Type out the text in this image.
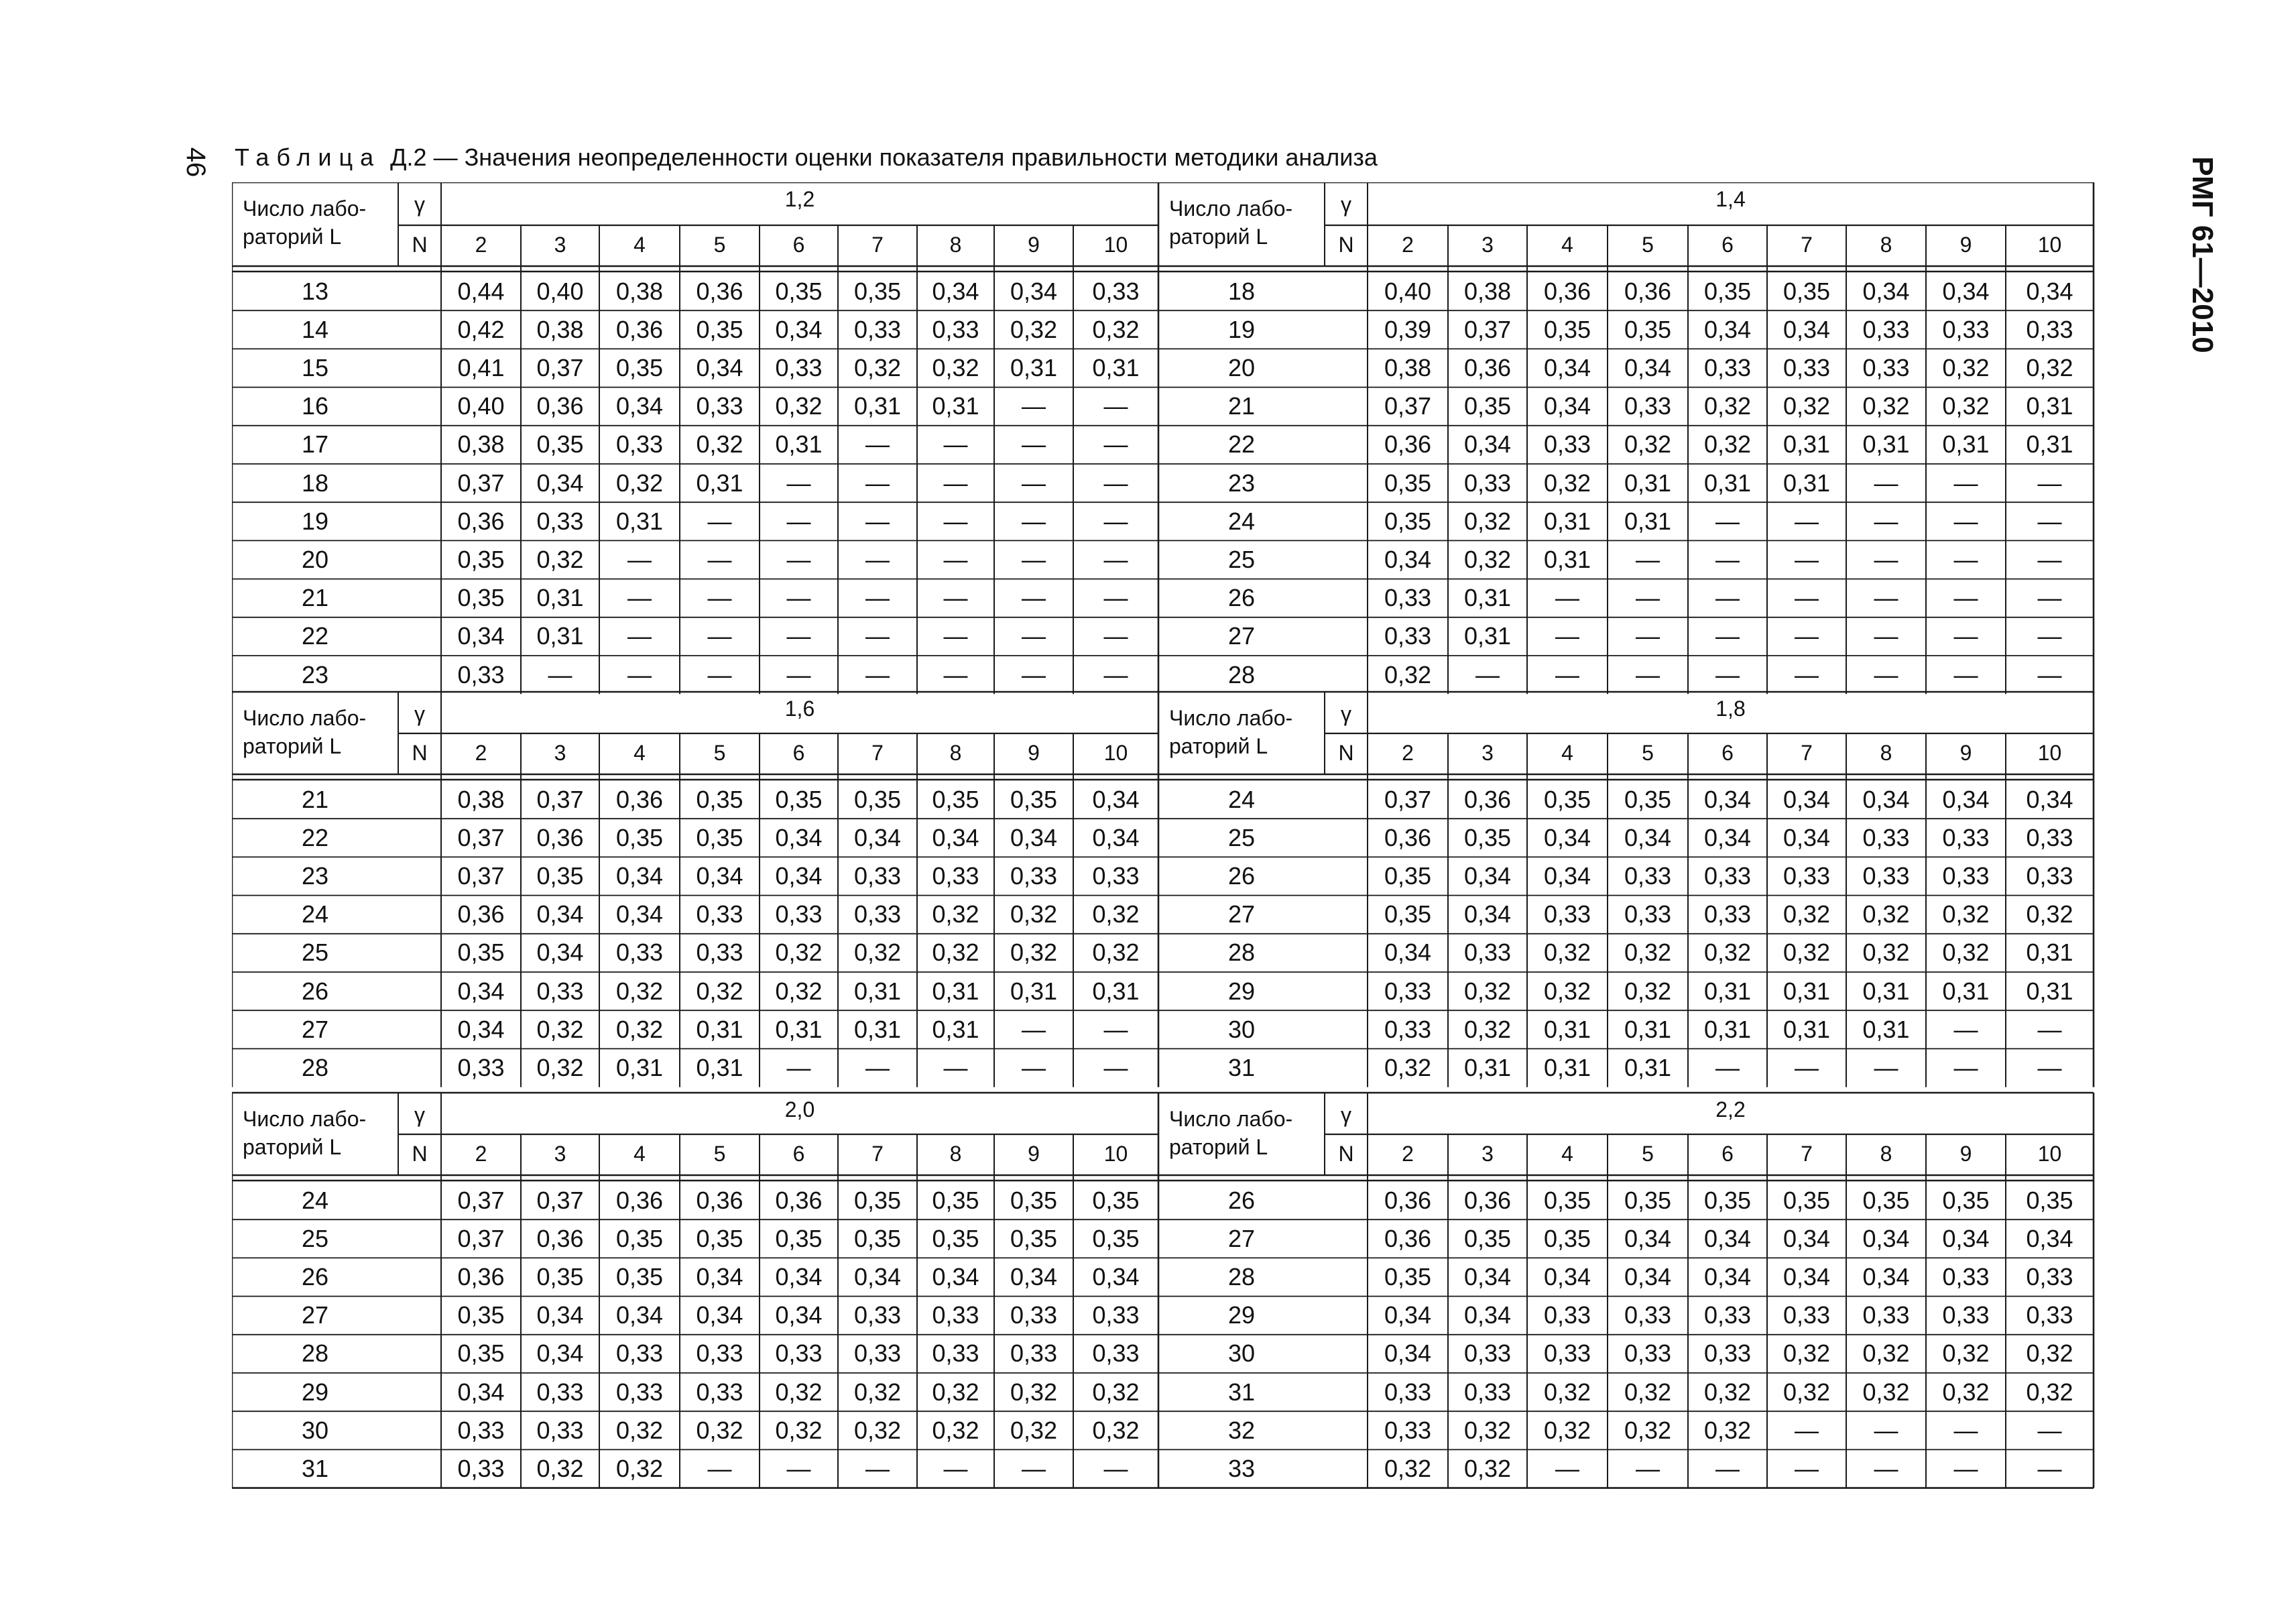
46	РМГ 61—2010
Таблица Д.2 — Значения неопределенности оценки показателя правильности методики анализа
Число лабо-
раторий L
γ
N
1,2
2	3	4	5	6	7	8	9	10
13	0,44	0,40	0,38	0,36	0,35	0,35	0,34	0,34	0,33
14	0,42	0,38	0,36	0,35	0,34	0,33	0,33	0,32	0,32
15	0,41	0,37	0,35	0,34	0,33	0,32	0,32	0,31	0,31
16	0,40	0,36	0,34	0,33	0,32	0,31	0,31	—	—
17	0,38	0,35	0,33	0,32	0,31	—	—	—	—
18	0,37	0,34	0,32	0,31	—	—	—	—	—
19	0,36	0,33	0,31	—	—	—	—	—	—
20	0,35	0,32	—	—	—	—	—	—	—
21	0,35	0,31	—	—	—	—	—	—	—
22	0,34	0,31	—	—	—	—	—	—	—
23	0,33	—	—	—	—	—	—	—	—
Число лабо-
раторий L
γ
N
1,4
2	3	4	5	6	7	8	9	10
18	0,40	0,38	0,36	0,36	0,35	0,35	0,34	0,34	0,34
19	0,39	0,37	0,35	0,35	0,34	0,34	0,33	0,33	0,33
20	0,38	0,36	0,34	0,34	0,33	0,33	0,33	0,32	0,32
21	0,37	0,35	0,34	0,33	0,32	0,32	0,32	0,32	0,31
22	0,36	0,34	0,33	0,32	0,32	0,31	0,31	0,31	0,31
23	0,35	0,33	0,32	0,31	0,31	0,31	—	—	—
24	0,35	0,32	0,31	0,31	—	—	—	—	—
25	0,34	0,32	0,31	—	—	—	—	—	—
26	0,33	0,31	—	—	—	—	—	—	—
27	0,33	0,31	—	—	—	—	—	—	—
28	0,32	—	—	—	—	—	—	—	—
Число лабо-
раторий L
γ
N
1,6
2	3	4	5	6	7	8	9	10
21	0,38	0,37	0,36	0,35	0,35	0,35	0,35	0,35	0,34
22	0,37	0,36	0,35	0,35	0,34	0,34	0,34	0,34	0,34
23	0,37	0,35	0,34	0,34	0,34	0,33	0,33	0,33	0,33
24	0,36	0,34	0,34	0,33	0,33	0,33	0,32	0,32	0,32
25	0,35	0,34	0,33	0,33	0,32	0,32	0,32	0,32	0,32
26	0,34	0,33	0,32	0,32	0,32	0,31	0,31	0,31	0,31
27	0,34	0,32	0,32	0,31	0,31	0,31	0,31	—	—
28	0,33	0,32	0,31	0,31	—	—	—	—	—
Число лабо-
раторий L
γ
N
1,8
2	3	4	5	6	7	8	9	10
24	0,37	0,36	0,35	0,35	0,34	0,34	0,34	0,34	0,34
25	0,36	0,35	0,34	0,34	0,34	0,34	0,33	0,33	0,33
26	0,35	0,34	0,34	0,33	0,33	0,33	0,33	0,33	0,33
27	0,35	0,34	0,33	0,33	0,33	0,32	0,32	0,32	0,32
28	0,34	0,33	0,32	0,32	0,32	0,32	0,32	0,32	0,31
29	0,33	0,32	0,32	0,32	0,31	0,31	0,31	0,31	0,31
30	0,33	0,32	0,31	0,31	0,31	0,31	0,31	—	—
31	0,32	0,31	0,31	0,31	—	—	—	—	—
Число лабо-
раторий L
γ
N
2,0
2	3	4	5	6	7	8	9	10
24	0,37	0,37	0,36	0,36	0,36	0,35	0,35	0,35	0,35
25	0,37	0,36	0,35	0,35	0,35	0,35	0,35	0,35	0,35
26	0,36	0,35	0,35	0,34	0,34	0,34	0,34	0,34	0,34
27	0,35	0,34	0,34	0,34	0,34	0,33	0,33	0,33	0,33
28	0,35	0,34	0,33	0,33	0,33	0,33	0,33	0,33	0,33
29	0,34	0,33	0,33	0,33	0,32	0,32	0,32	0,32	0,32
30	0,33	0,33	0,32	0,32	0,32	0,32	0,32	0,32	0,32
31	0,33	0,32	0,32	—	—	—	—	—	—
Число лабо-
раторий L
γ
N
2,2
2	3	4	5	6	7	8	9	10
26	0,36	0,36	0,35	0,35	0,35	0,35	0,35	0,35	0,35
27	0,36	0,35	0,35	0,34	0,34	0,34	0,34	0,34	0,34
28	0,35	0,34	0,34	0,34	0,34	0,34	0,34	0,33	0,33
29	0,34	0,34	0,33	0,33	0,33	0,33	0,33	0,33	0,33
30	0,34	0,33	0,33	0,33	0,33	0,32	0,32	0,32	0,32
31	0,33	0,33	0,32	0,32	0,32	0,32	0,32	0,32	0,32
32	0,33	0,32	0,32	0,32	0,32	—	—	—	—
33	0,32	0,32	—	—	—	—	—	—	—
